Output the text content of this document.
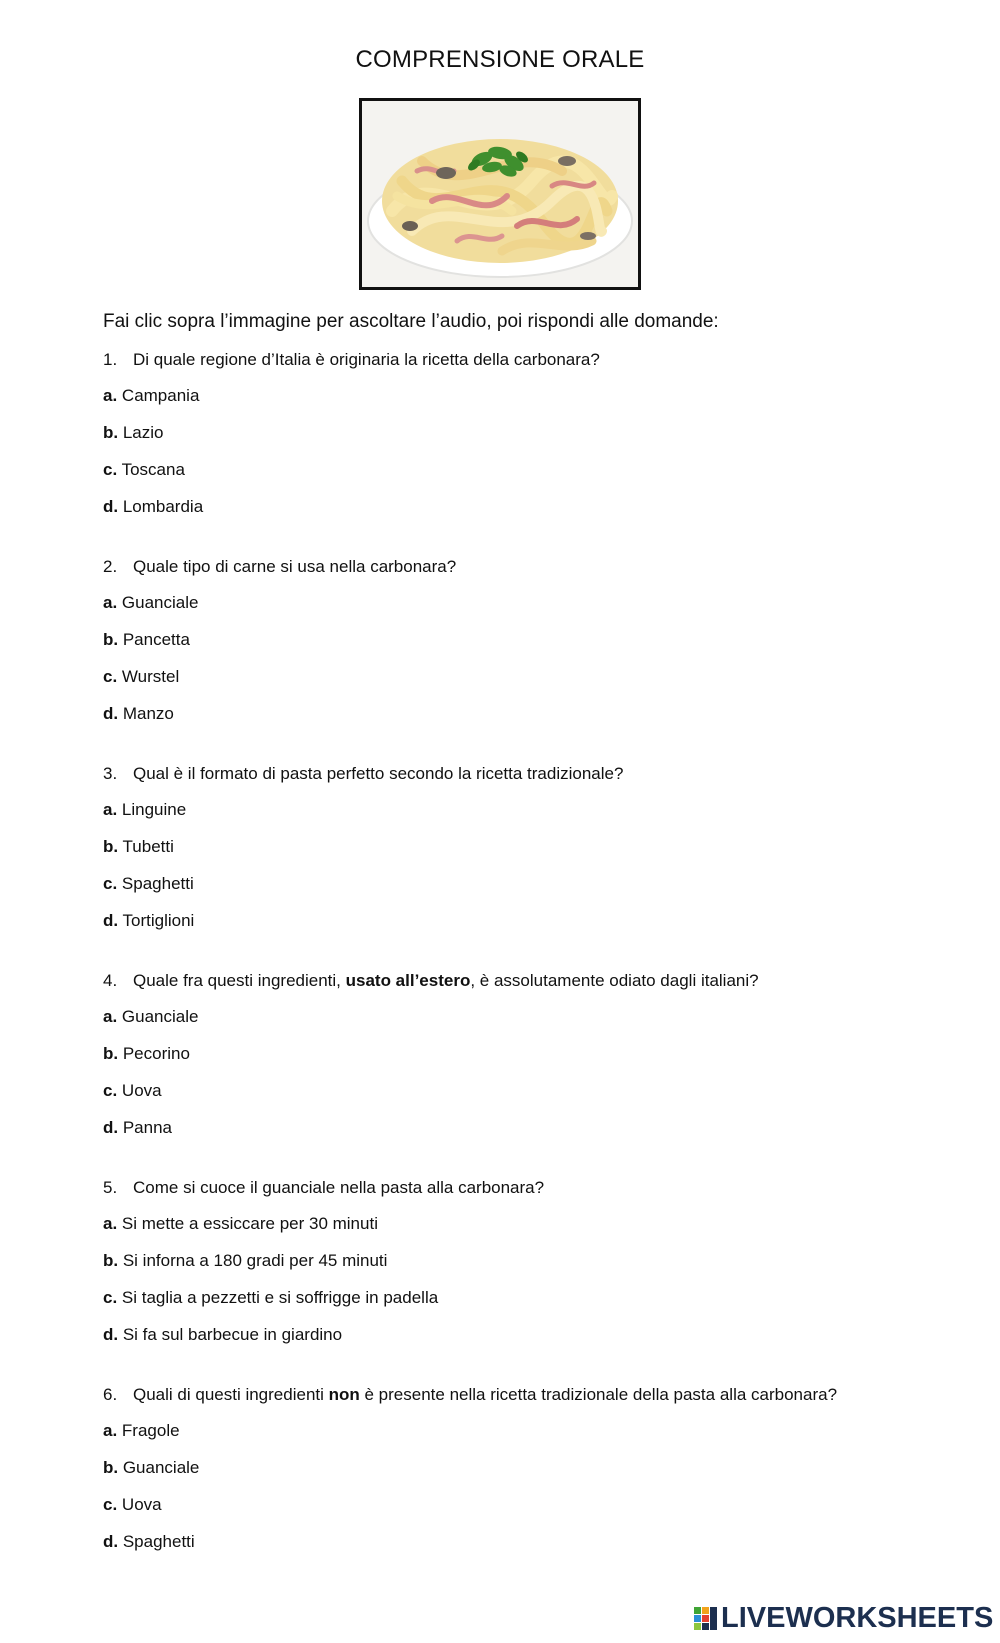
COMPRENSIONE ORALE
Fai clic sopra l’immagine per ascoltare l’audio, poi rispondi alle domande:
1. Di quale regione d’Italia è originaria la ricetta della carbonara?
a. Campania
b. Lazio
c. Toscana
d. Lombardia
2. Quale tipo di carne si usa nella carbonara?
a. Guanciale
b. Pancetta
c. Wurstel
d. Manzo
3. Qual è il formato di pasta perfetto secondo la ricetta tradizionale?
a. Linguine
b. Tubetti
c. Spaghetti
d. Tortiglioni
4. Quale fra questi ingredienti, usato all’estero, è assolutamente odiato dagli italiani?
a. Guanciale
b. Pecorino
c. Uova
d. Panna
5. Come si cuoce il guanciale nella pasta alla carbonara?
a. Si mette a essiccare per 30 minuti
b. Si inforna a 180 gradi per 45 minuti
c. Si taglia a pezzetti e si soffrigge in padella
d. Si fa sul barbecue in giardino
6. Quali di questi ingredienti non è presente nella ricetta tradizionale della pasta alla carbonara?
a. Fragole
b. Guanciale
c. Uova
d. Spaghetti
LIVEWORKSHEETS
